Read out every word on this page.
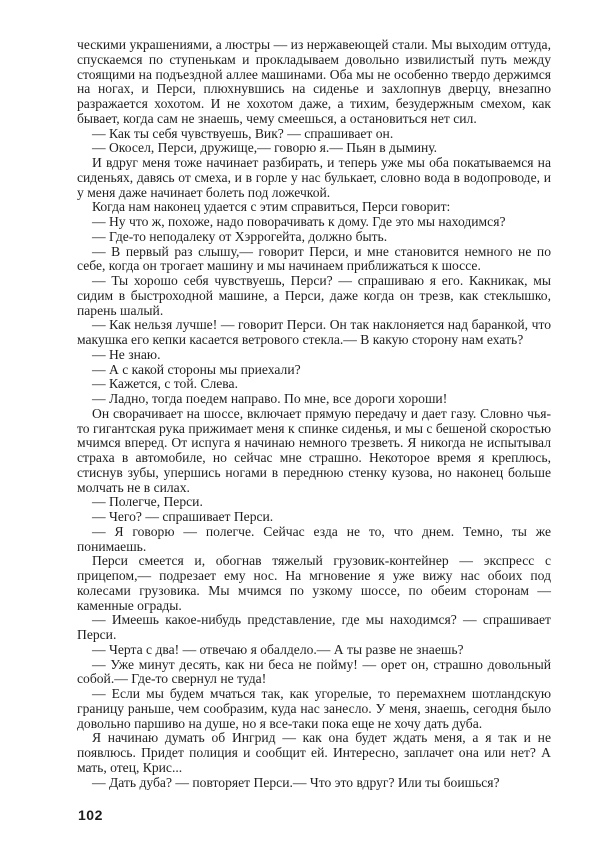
ческими украшениями, а люстры — из нержавеющей стали. Мы выходим оттуда, спускаемся по ступенькам и прокладываем довольно извилистый путь между стоящими на подъездной аллее машинами. Оба мы не особенно твердо держимся на ногах, и Перси, плюхнувшись на сиденье и захлопнув дверцу, внезапно разражается хохотом. И не хохотом даже, а тихим, безудержным смехом, как бывает, когда сам не знаешь, чему смеешься, а остановиться нет сил.

— Как ты себя чувствуешь, Вик? — спрашивает он.

— Окосел, Перси, дружище,— говорю я.— Пьян в дымину.

И вдруг меня тоже начинает разбирать, и теперь уже мы оба покатываемся на сиденьях, давясь от смеха, и в горле у нас булькает, словно вода в водопроводе, и у меня даже начинает болеть под ложечкой.

Когда нам наконец удается с этим справиться, Перси говорит:

— Ну что ж, похоже, надо поворачивать к дому. Где это мы находимся?

— Где-то неподалеку от Хэррогейта, должно быть.

— В первый раз слышу,— говорит Перси, и мне становится немного не по себе, когда он трогает машину и мы начинаем приближаться к шоссе.

— Ты хорошо себя чувствуешь, Перси? — спрашиваю я его. Какникак, мы сидим в быстроходной машине, а Перси, даже когда он трезв, как стеклышко, парень шалый.

— Как нельзя лучше! — говорит Перси. Он так наклоняется над баранкой, что макушка его кепки касается ветрового стекла.— В какую сторону нам ехать?

— Не знаю.

— А с какой стороны мы приехали?

— Кажется, с той. Слева.

— Ладно, тогда поедем направо. По мне, все дороги хороши!

Он сворачивает на шоссе, включает прямую передачу и дает газу. Словно чья-то гигантская рука прижимает меня к спинке сиденья, и мы с бешеной скоростью мчимся вперед. От испуга я начинаю немного трезветь. Я никогда не испытывал страха в автомобиле, но сейчас мне страшно. Некоторое время я креплюсь, стиснув зубы, упершись ногами в переднюю стенку кузова, но наконец больше молчать не в силах.

— Полегче, Перси.

— Чего? — спрашивает Перси.

— Я говорю — полегче. Сейчас езда не то, что днем. Темно, ты же понимаешь.

Перси смеется и, обогнав тяжелый грузовик-контейнер — экспресс с прицепом,— подрезает ему нос. На мгновение я уже вижу нас обоих под колесами грузовика. Мы мчимся по узкому шоссе, по обеим сторонам — каменные ограды.

— Имеешь какое-нибудь представление, где мы находимся? — спрашивает Перси.

— Черта с два! — отвечаю я обалдело.— А ты разве не знаешь?

— Уже минут десять, как ни беса не пойму! — орет он, страшно довольный собой.— Где-то свернул не туда!

— Если мы будем мчаться так, как угорелые, то перемахнем шотландскую границу раньше, чем сообразим, куда нас занесло. У меня, знаешь, сегодня было довольно паршиво на душе, но я все-таки пока еще не хочу дать дуба.

Я начинаю думать об Ингрид — как она будет ждать меня, а я так и не появлюсь. Придет полиция и сообщит ей. Интересно, заплачет она или нет? А мать, отец, Крис...

— Дать дуба? — повторяет Перси.— Что это вдруг? Или ты боишься?

102
